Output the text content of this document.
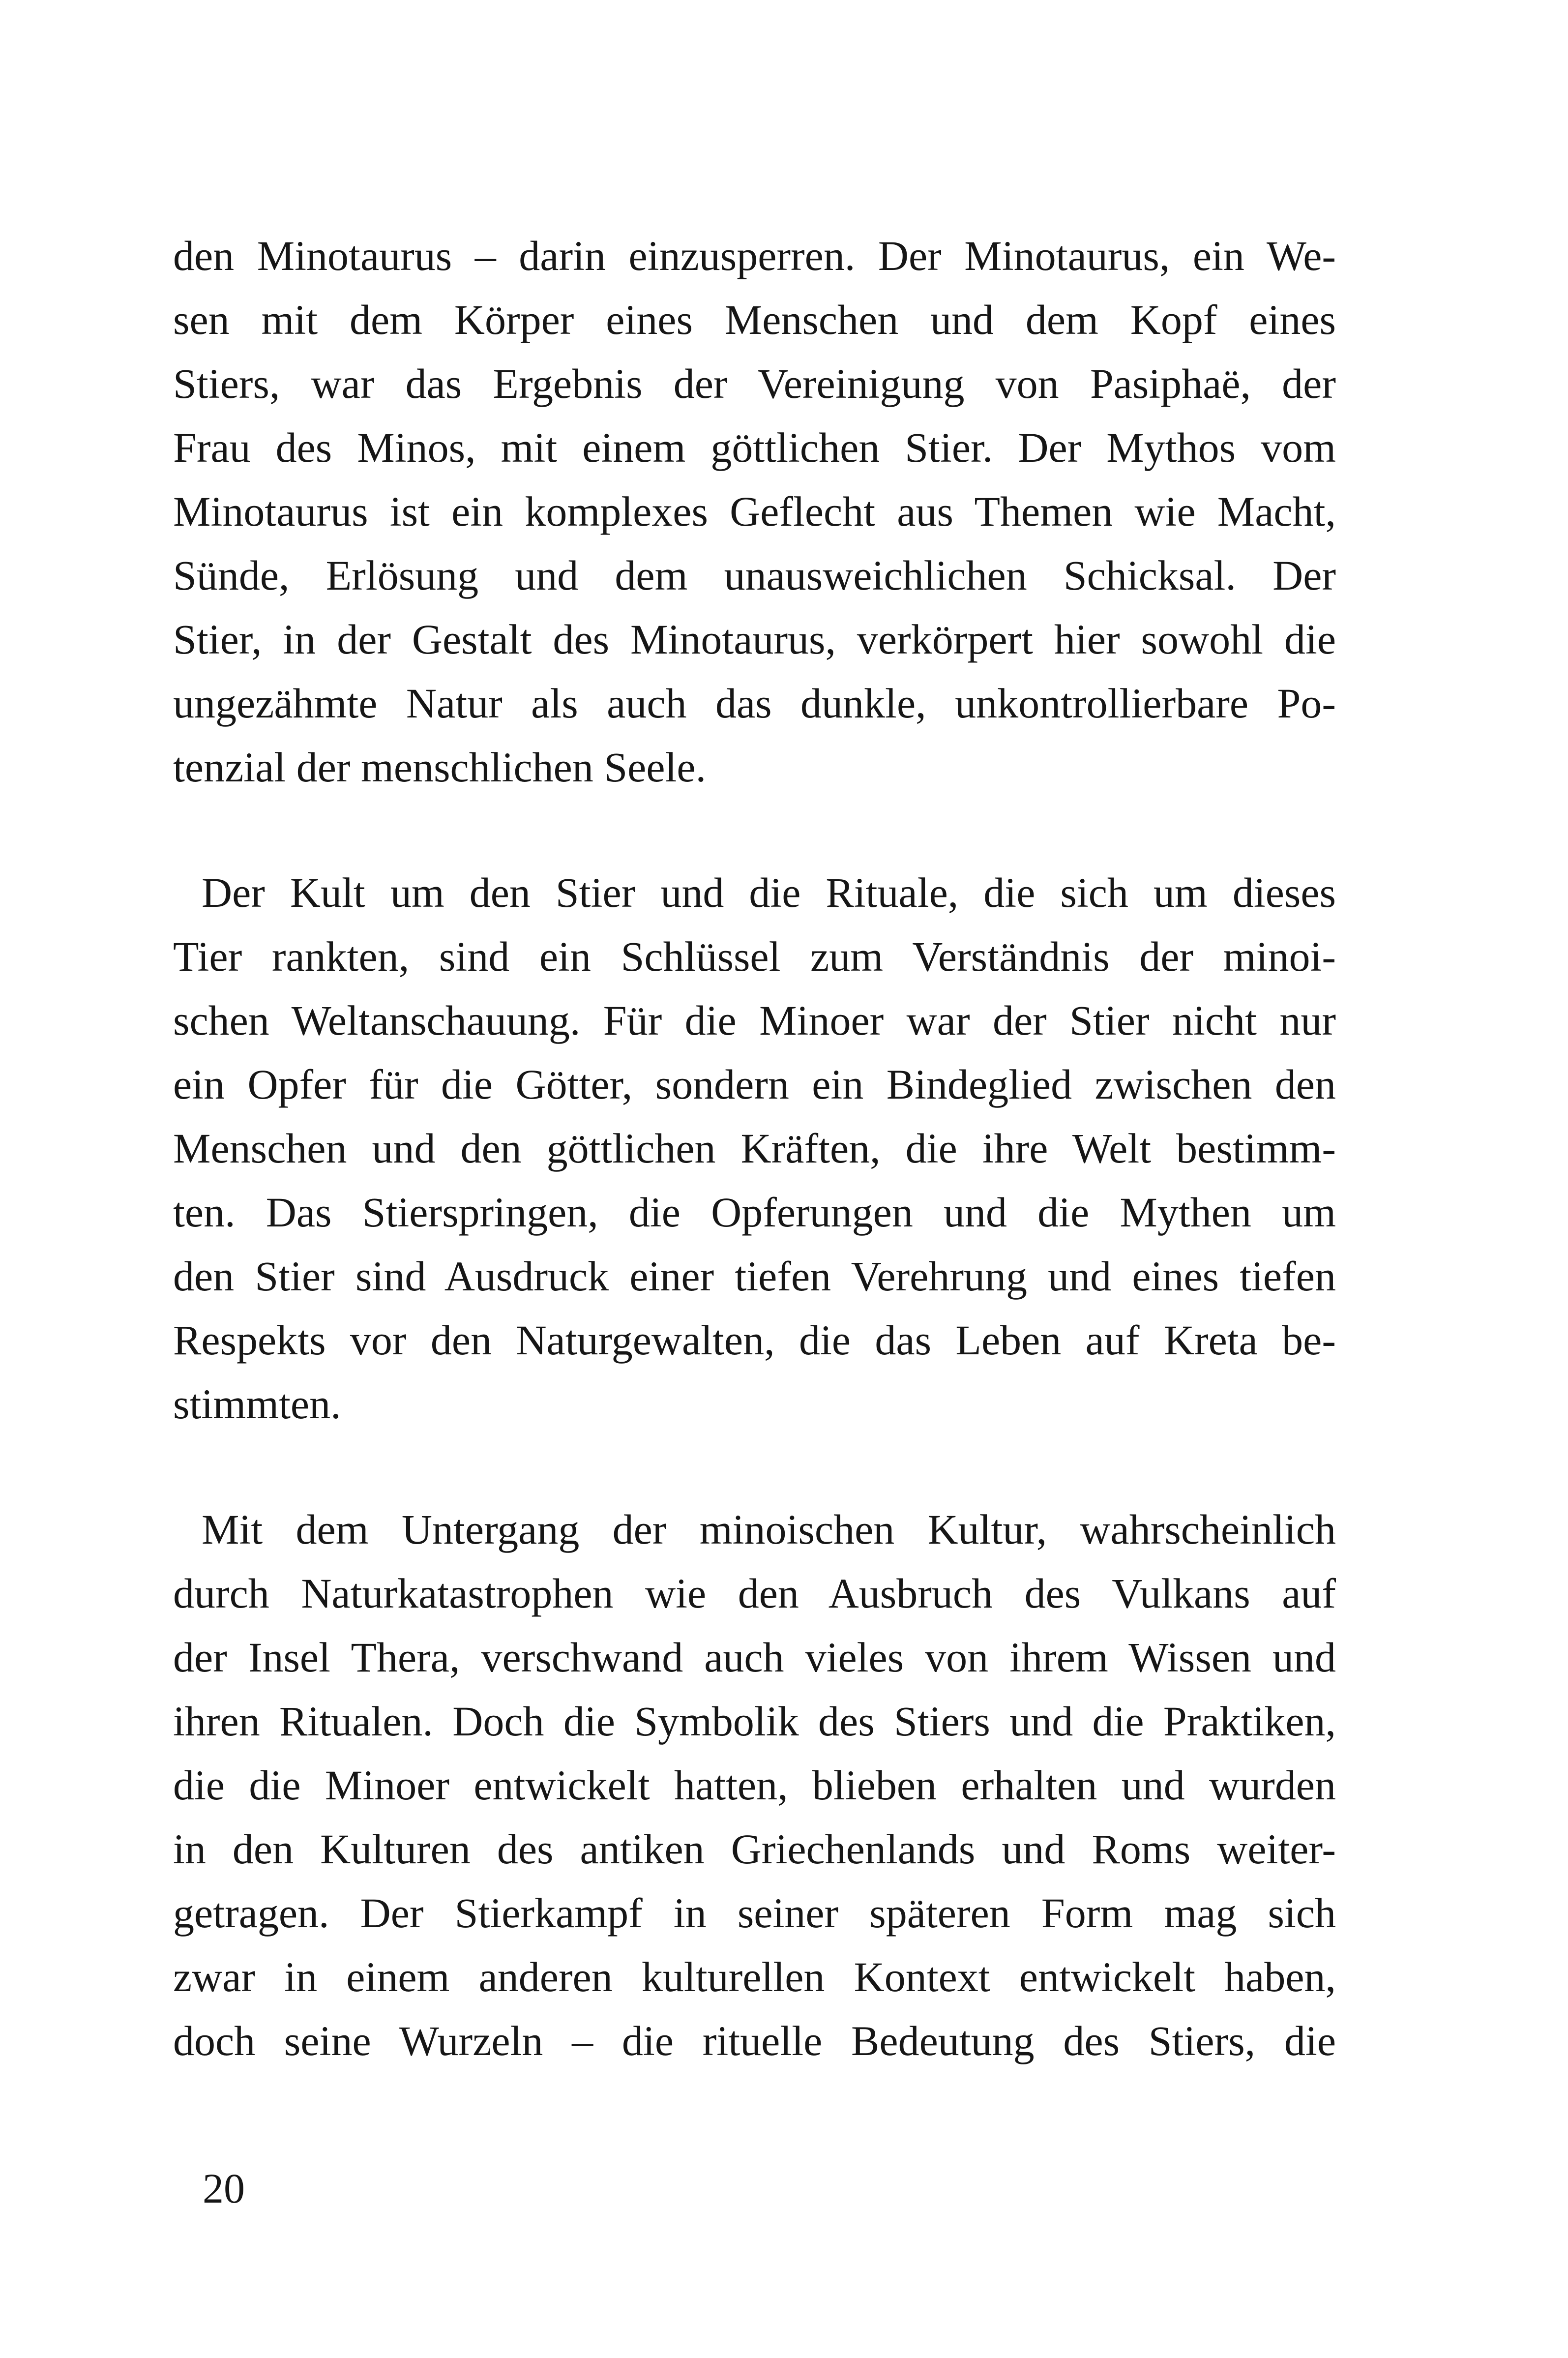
den Minotaurus – darin einzusperren. Der Minotaurus, ein We-
sen mit dem Körper eines Menschen und dem Kopf eines
Stiers, war das Ergebnis der Vereinigung von Pasiphaë, der
Frau des Minos, mit einem göttlichen Stier. Der Mythos vom
Minotaurus ist ein komplexes Geflecht aus Themen wie Macht,
Sünde, Erlösung und dem unausweichlichen Schicksal. Der
Stier, in der Gestalt des Minotaurus, verkörpert hier sowohl die
ungezähmte Natur als auch das dunkle, unkontrollierbare Po-
tenzial der menschlichen Seele.
Der Kult um den Stier und die Rituale, die sich um dieses
Tier rankten, sind ein Schlüssel zum Verständnis der minoi-
schen Weltanschauung. Für die Minoer war der Stier nicht nur
ein Opfer für die Götter, sondern ein Bindeglied zwischen den
Menschen und den göttlichen Kräften, die ihre Welt bestimm-
ten. Das Stierspringen, die Opferungen und die Mythen um
den Stier sind Ausdruck einer tiefen Verehrung und eines tiefen
Respekts vor den Naturgewalten, die das Leben auf Kreta be-
stimmten.
Mit dem Untergang der minoischen Kultur, wahrscheinlich
durch Naturkatastrophen wie den Ausbruch des Vulkans auf
der Insel Thera, verschwand auch vieles von ihrem Wissen und
ihren Ritualen. Doch die Symbolik des Stiers und die Praktiken,
die die Minoer entwickelt hatten, blieben erhalten und wurden
in den Kulturen des antiken Griechenlands und Roms weiter-
getragen. Der Stierkampf in seiner späteren Form mag sich
zwar in einem anderen kulturellen Kontext entwickelt haben,
doch seine Wurzeln – die rituelle Bedeutung des Stiers, die
20
